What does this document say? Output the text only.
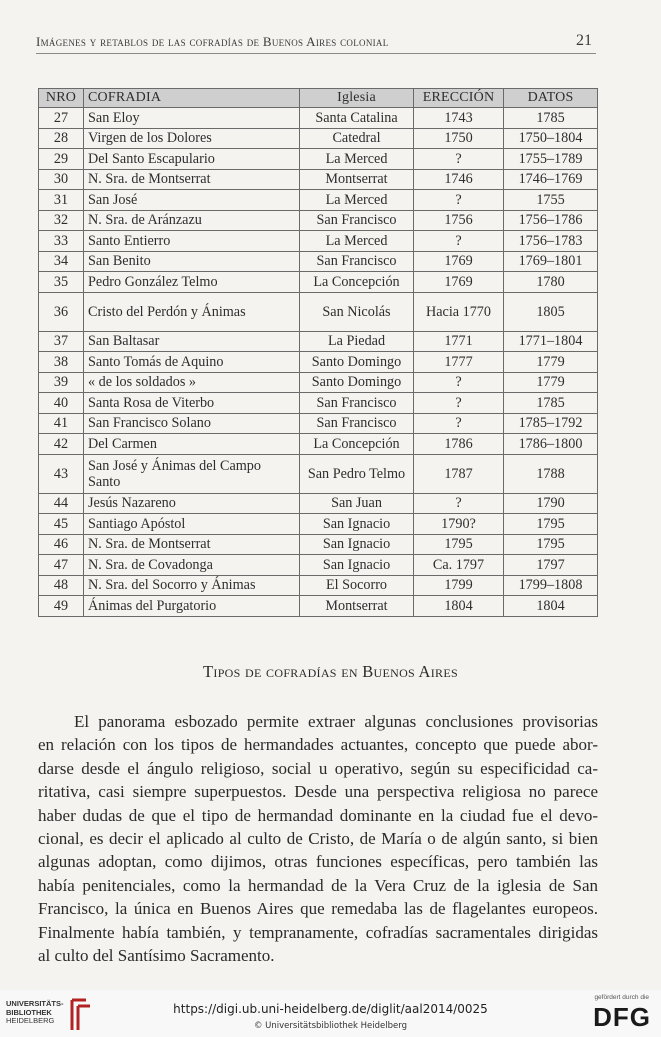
Imágenes y retablos de las cofradías de Buenos Aires colonial	21
NRO	COFRADIA	Iglesia	ERECCIÓN	DATOS
27	San Eloy	Santa Catalina	1743	1785
28	Virgen de los Dolores	Catedral	1750	1750–1804
29	Del Santo Escapulario	La Merced	?	1755–1789
30	N. Sra. de Montserrat	Montserrat	1746	1746–1769
31	San José	La Merced	?	1755
32	N. Sra. de Aránzazu	San Francisco	1756	1756–1786
33	Santo Entierro	La Merced	?	1756–1783
34	San Benito	San Francisco	1769	1769–1801
35	Pedro González Telmo	La Concepción	1769	1780
36	Cristo del Perdón y Ánimas	San Nicolás	Hacia 1770	1805
37	San Baltasar	La Piedad	1771	1771–1804
38	Santo Tomás de Aquino	Santo Domingo	1777	1779
39	« de los soldados »	Santo Domingo	?	1779
40	Santa Rosa de Viterbo	San Francisco	?	1785
41	San Francisco Solano	San Francisco	?	1785–1792
42	Del Carmen	La Concepción	1786	1786–1800
43	San José y Ánimas del Campo Santo	San Pedro Telmo	1787	1788
44	Jesús Nazareno	San Juan	?	1790
45	Santiago Apóstol	San Ignacio	1790?	1795
46	N. Sra. de Montserrat	San Ignacio	1795	1795
47	N. Sra. de Covadonga	San Ignacio	Ca. 1797	1797
48	N. Sra. del Socorro y Ánimas	El Socorro	1799	1799–1808
49	Ánimas del Purgatorio	Montserrat	1804	1804
Tipos de cofradías en Buenos Aires
El panorama esbozado permite extraer algunas conclusiones provisorias
en relación con los tipos de hermandades actuantes, concepto que puede abor-
darse desde el ángulo religioso, social u operativo, según su especificidad ca-
ritativa, casi siempre superpuestos. Desde una perspectiva religiosa no parece
haber dudas de que el tipo de hermandad dominante en la ciudad fue el devo-
cional, es decir el aplicado al culto de Cristo, de María o de algún santo, si bien
algunas adoptan, como dijimos, otras funciones específicas, pero también las
había penitenciales, como la hermandad de la Vera Cruz de la iglesia de San
Francisco, la única en Buenos Aires que remedaba las de flagelantes europeos.
Finalmente había también, y tempranamente, cofradías sacramentales dirigidas
al culto del Santísimo Sacramento.
UNIVERSITÄTS-
BIBLIOTHEK
HEIDELBERG
https://digi.ub.uni-heidelberg.de/diglit/aal2014/0025
© Universitätsbibliothek Heidelberg
gefördert durch die
DFG
